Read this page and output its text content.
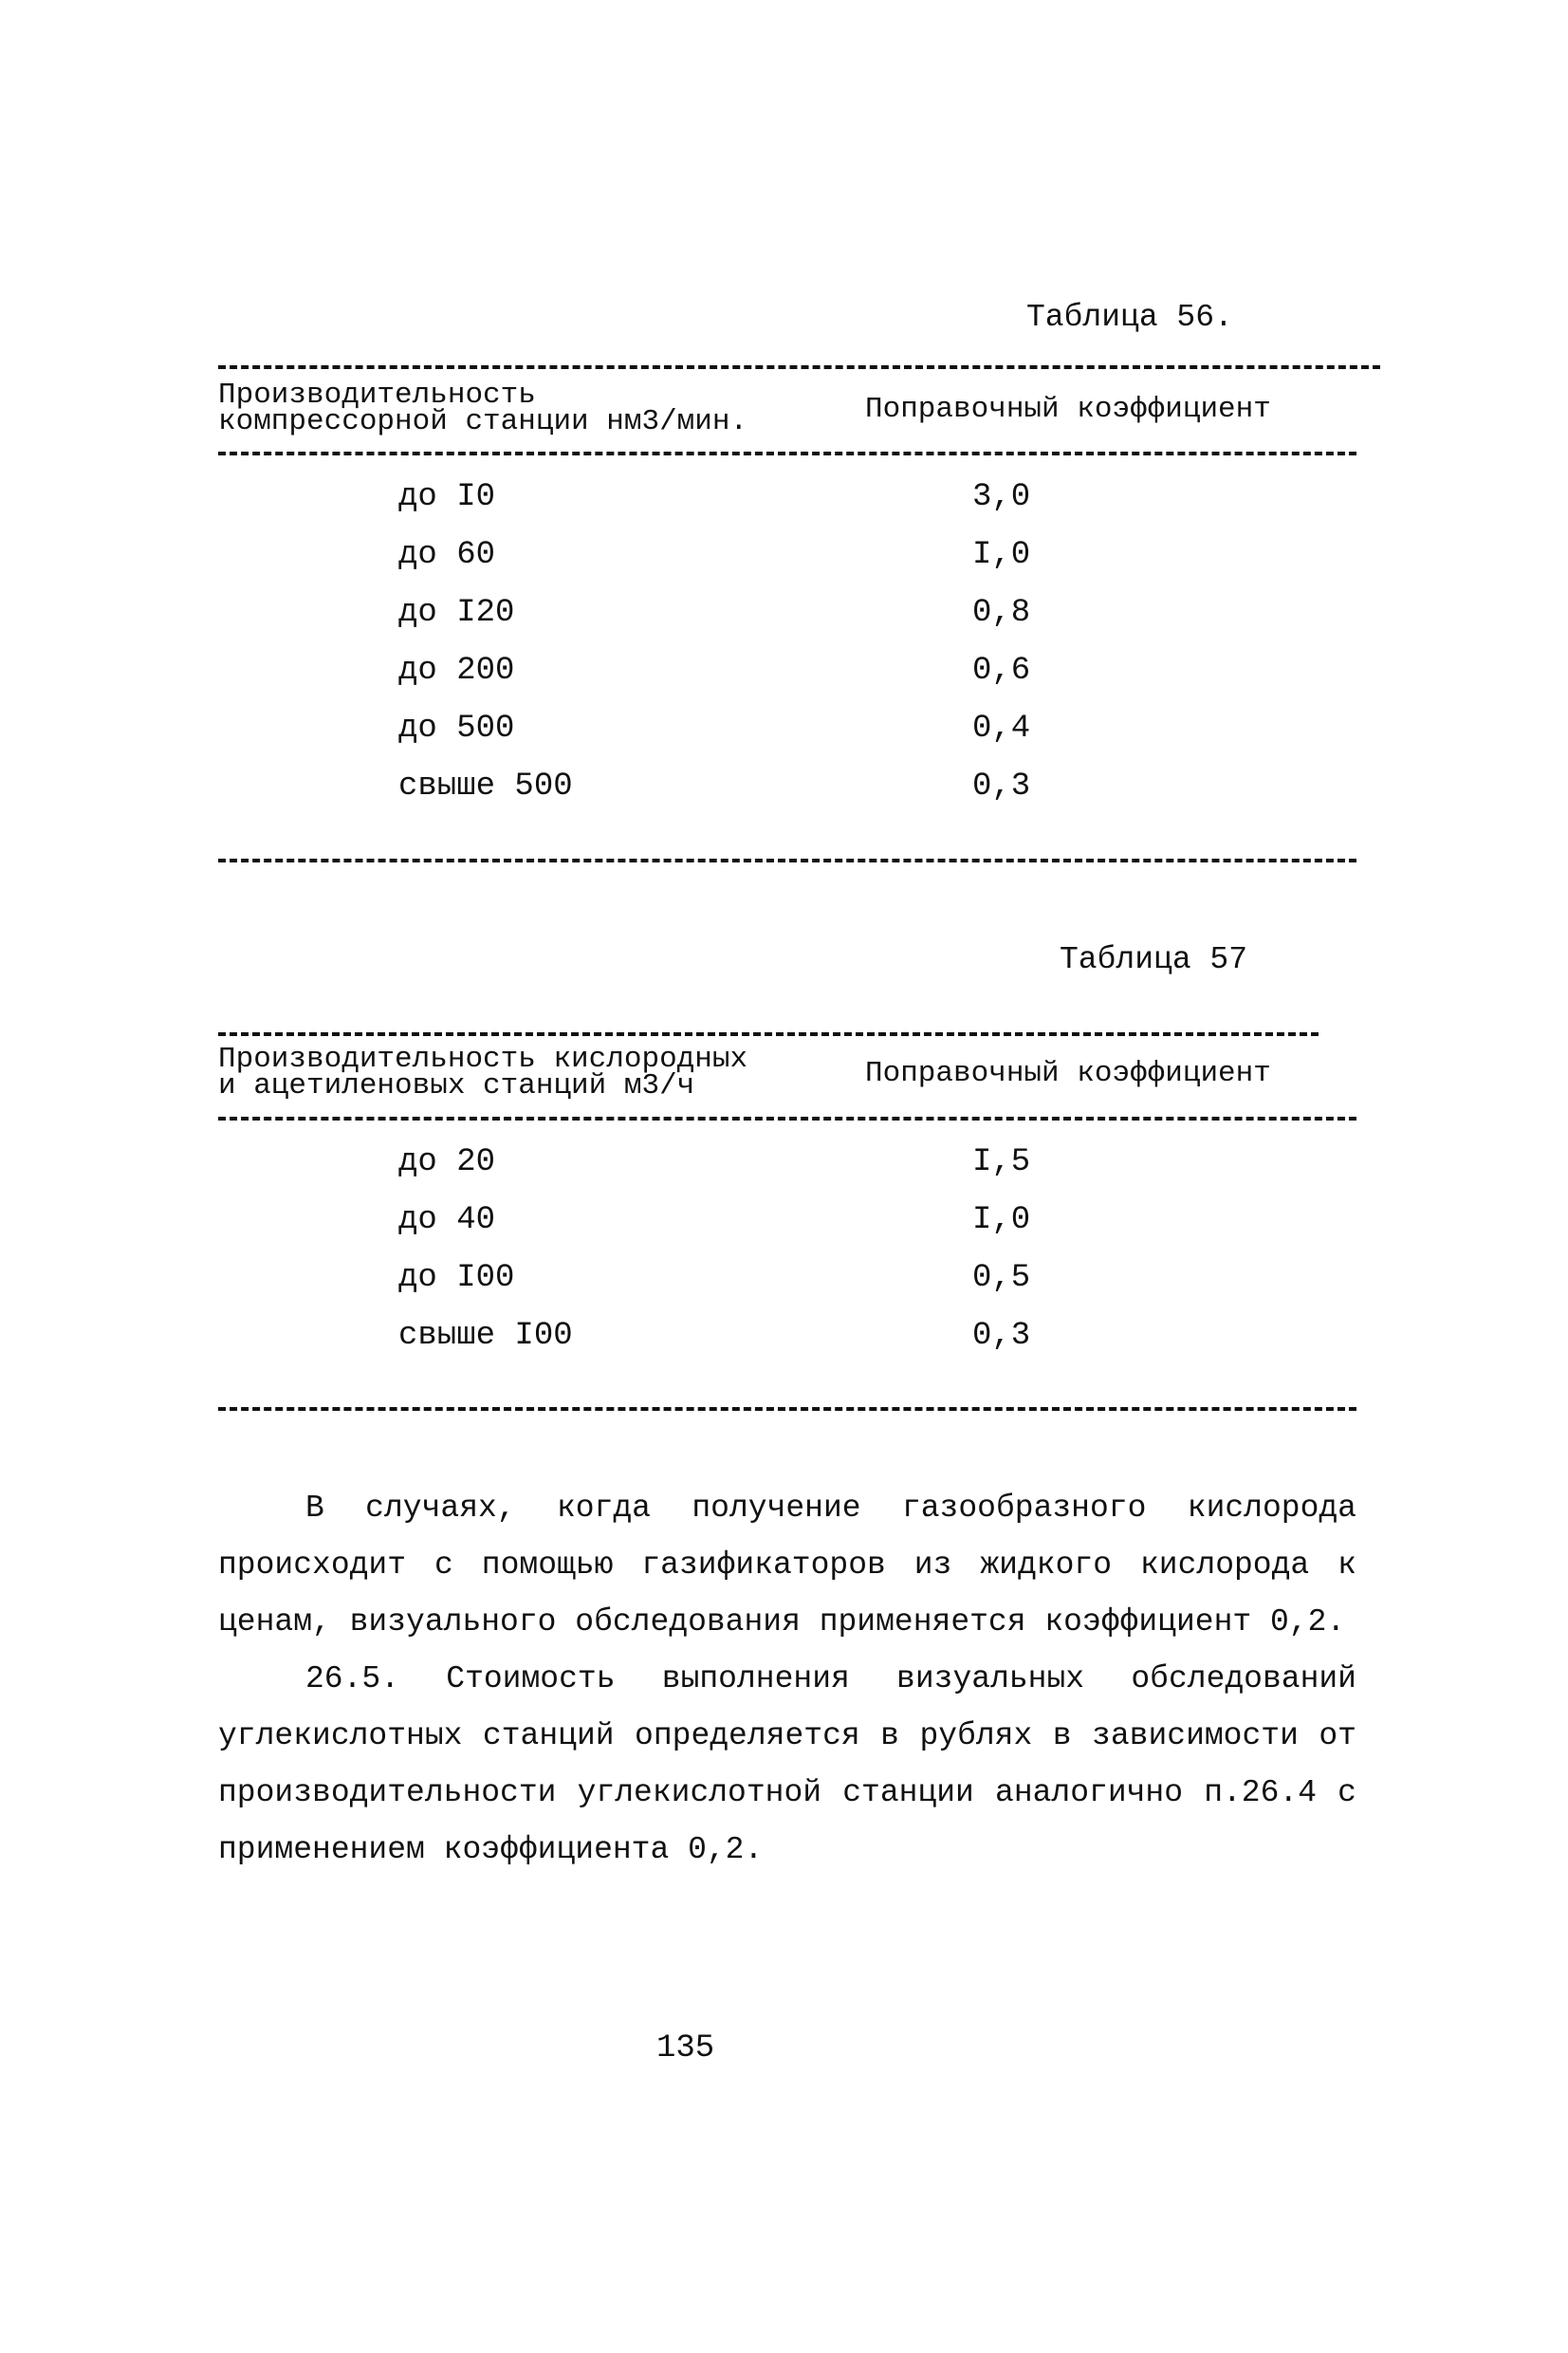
Таблица 56.
Производительность
компрессорной станции нм3/мин.	Поправочный коэффициент
до I0	3,0
до 60	I,0
до I20	0,8
до 200	0,6
до 500	0,4
свыше 500	0,3
Таблица 57
Производительность кислородных
и ацетиленовых станций м3/ч	Поправочный коэффициент
до 20	I,5
до 40	I,0
до I00	0,5
свыше I00	0,3

В случаях, когда получение газообразного кислорода происходит с помощью газификаторов из жидкого кислорода к ценам, визуального обследования применяется коэффициент 0,2.

26.5. Стоимость выполнения визуальных обследований углекислотных станций определяется в рублях в зависимости от производительности углекислотной станции аналогично п.26.4 с применением коэффициента 0,2.

135
